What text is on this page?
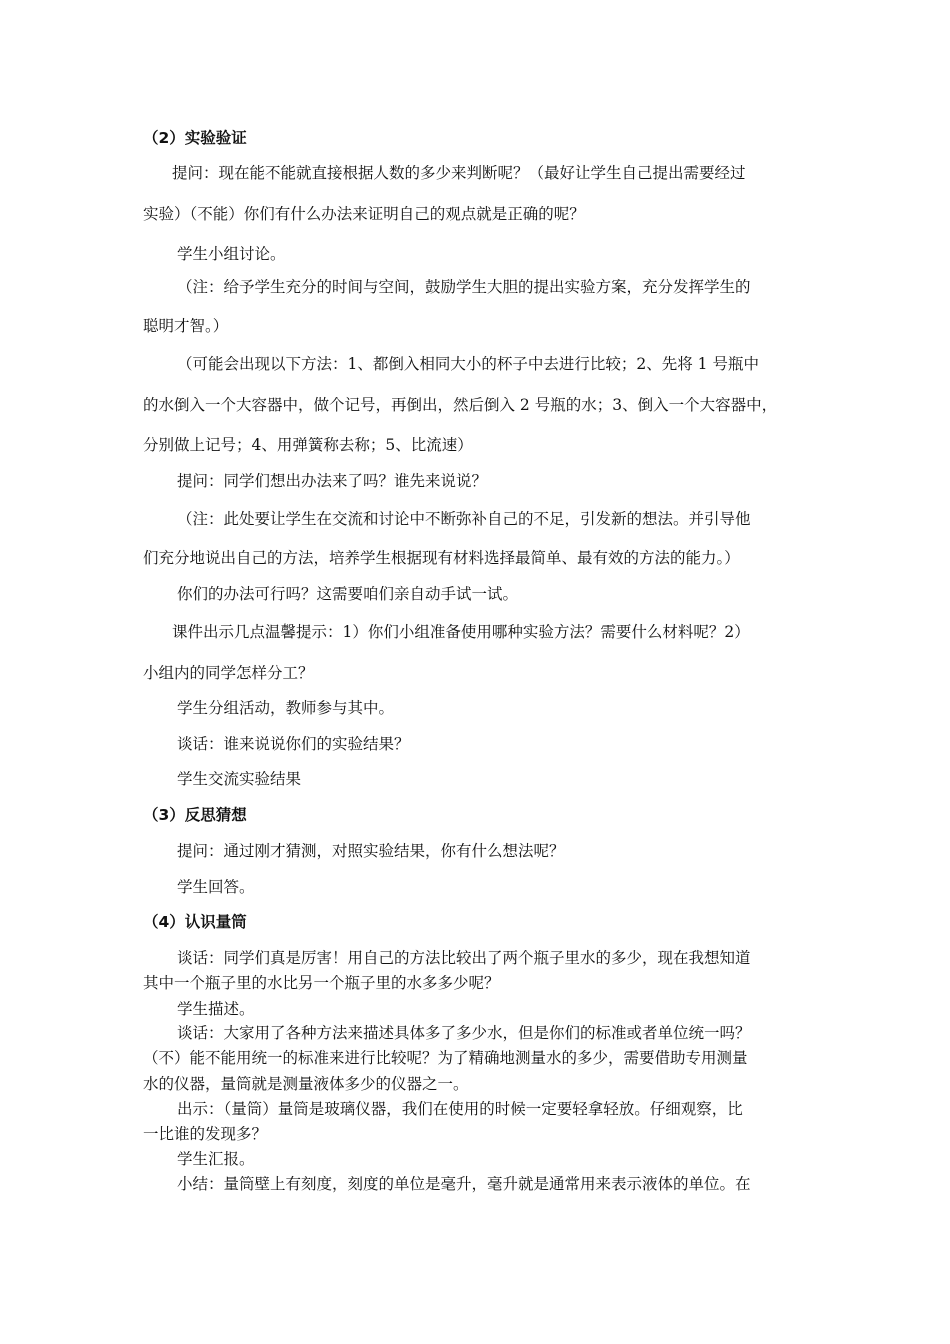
（2）实验验证
提问：现在能不能就直接根据人数的多少来判断呢？（最好让学生自己提出需要经过
实验）（不能）你们有什么办法来证明自己的观点就是正确的呢？
学生小组讨论。
（注：给予学生充分的时间与空间，鼓励学生大胆的提出实验方案，充分发挥学生的
聪明才智。）
（可能会出现以下方法：1、都倒入相同大小的杯子中去进行比较；2、先将 1 号瓶中
的水倒入一个大容器中，做个记号，再倒出，然后倒入 2 号瓶的水；3、倒入一个大容器中，
分别做上记号；4、用弹簧称去称；5、比流速）
提问：同学们想出办法来了吗？谁先来说说？
（注：此处要让学生在交流和讨论中不断弥补自己的不足，引发新的想法。并引导他
们充分地说出自己的方法，培养学生根据现有材料选择最简单、最有效的方法的能力。）
你们的办法可行吗？这需要咱们亲自动手试一试。
课件出示几点温馨提示：1）你们小组准备使用哪种实验方法？需要什么材料呢？2）
小组内的同学怎样分工？
学生分组活动，教师参与其中。
谈话：谁来说说你们的实验结果？
学生交流实验结果
（3）反思猜想
提问：通过刚才猜测，对照实验结果，你有什么想法呢？
学生回答。
（4）认识量筒
谈话：同学们真是厉害！用自己的方法比较出了两个瓶子里水的多少，现在我想知道
其中一个瓶子里的水比另一个瓶子里的水多多少呢？
学生描述。
谈话：大家用了各种方法来描述具体多了多少水，但是你们的标准或者单位统一吗？
（不）能不能用统一的标准来进行比较呢？为了精确地测量水的多少，需要借助专用测量
水的仪器，量筒就是测量液体多少的仪器之一。
出示：（量筒）量筒是玻璃仪器，我们在使用的时候一定要轻拿轻放。仔细观察，比
一比谁的发现多？
学生汇报。
小结：量筒壁上有刻度，刻度的单位是毫升，毫升就是通常用来表示液体的单位。在
